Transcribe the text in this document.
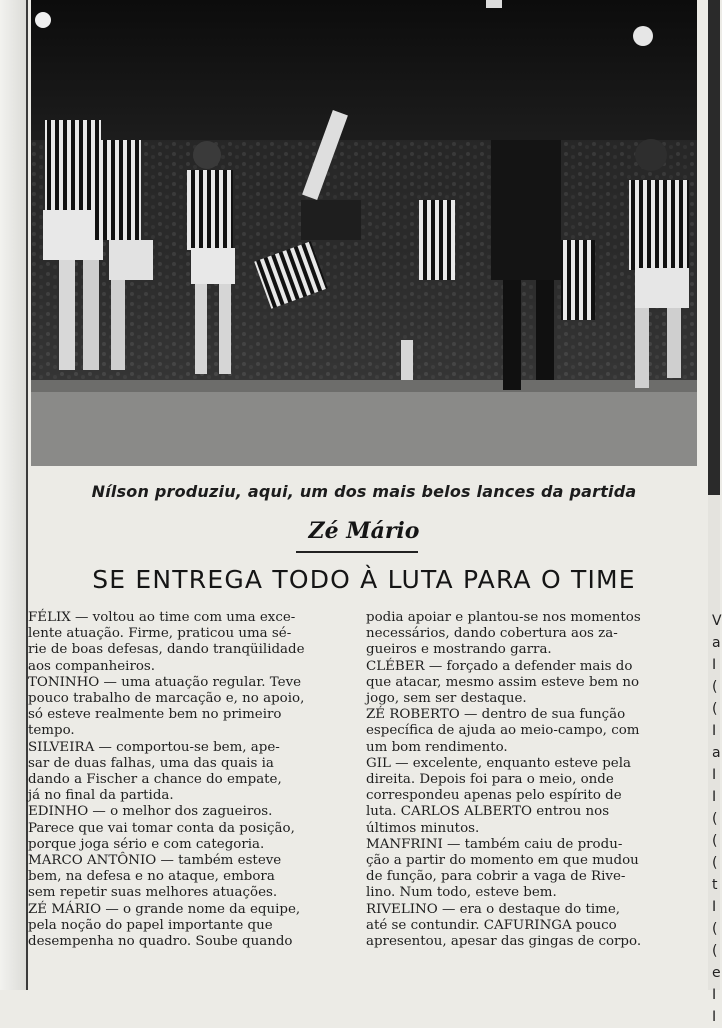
V
a
I
(
(
I
a
I
I
(
(
(
t
I
(
(
e
I
I
Nílson produziu, aqui, um dos mais belos lances da partida
Zé Mário
SE ENTREGA TODO À LUTA PARA O TIME

FÉLIX — voltou ao time com uma exce-

lente atuação. Firme, praticou uma sé-

rie de boas defesas, dando tranqüilidade

aos companheiros.

TONINHO — uma atuação regular. Teve

pouco trabalho de marcação e, no apoio,

só esteve realmente bem no primeiro

tempo.

SILVEIRA — comportou-se bem, ape-

sar de duas falhas, uma das quais ia

dando a Fischer a chance do empate,

já no final da partida.

EDINHO — o melhor dos zagueiros.

Parece que vai tomar conta da posição,

porque joga sério e com categoria.

MARCO ANTÔNIO — também esteve

bem, na defesa e no ataque, embora

sem repetir suas melhores atuações.

ZÉ MÁRIO — o grande nome da equipe,

pela noção do papel importante que

desempenha no quadro. Soube quando

podia apoiar e plantou-se nos momentos

necessários, dando cobertura aos za-

gueiros e mostrando garra.

CLÉBER — forçado a defender mais do

que atacar, mesmo assim esteve bem no

jogo, sem ser destaque.

ZÉ ROBERTO — dentro de sua função

específica de ajuda ao meio-campo, com

um bom rendimento.

GIL — excelente, enquanto esteve pela

direita. Depois foi para o meio, onde

correspondeu apenas pelo espírito de

luta. CARLOS ALBERTO entrou nos

últimos minutos.

MANFRINI — também caiu de produ-

ção a partir do momento em que mudou

de função, para cobrir a vaga de Rive-

lino. Num todo, esteve bem.

RIVELINO — era o destaque do time,

até se contundir. CAFURINGA pouco

apresentou, apesar das gingas de corpo.
